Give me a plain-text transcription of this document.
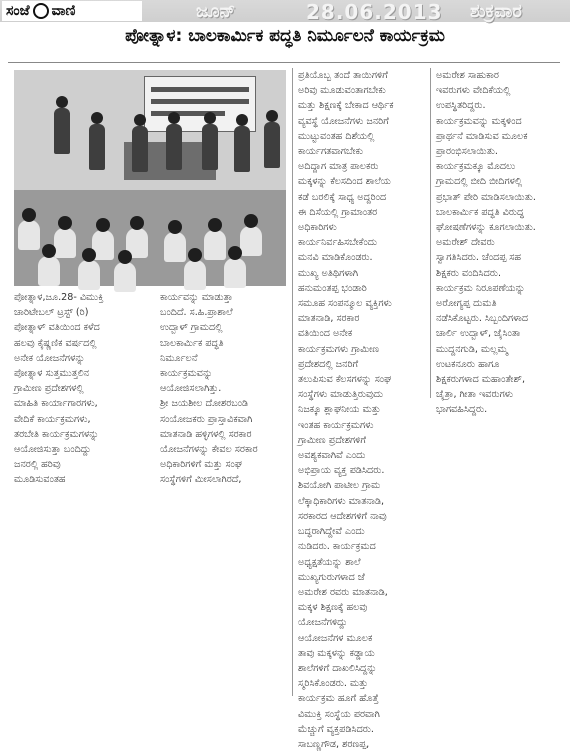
ಸಂಜೆ ವಾಣಿ	ಜೂನ್	28.06.2013 ಶುಕ್ರವಾರ
ಪೋತ್ನಾಳ: ಬಾಲಕಾರ್ಮಿಕ ಪದ್ಧತಿ ನಿರ್ಮೂಲನೆ ಕಾರ್ಯಕ್ರಮ
ಪೋತ್ನಾಳ,ಜೂ.28- ವಿಮುಕ್ತಿ
ಚಾರಿಟೇಬಲ್ ಟ್ರಸ್ಟ್ (ರಿ)
ಪೋತ್ನಾಳ್ ವತಿಯಿಂದ ಕಳೆದ
ಹಲವು ಕೈಷ್ಣಣಿಕ ವರ್ಷದಲ್ಲಿ
ಅನೇಕ ಯೋಜನೆಗಳನ್ನು
ಪೋತ್ನಾಳ ಸುತ್ತಮುತ್ತಲಿನ
ಗ್ರಾಮೀಣ ಪ್ರದೇಶಗಳಲ್ಲಿ
ಮಾಹಿತಿ ಕಾರ್ಯಾಗಾರಗಳು,
ವೇದಿಕೆ ಕಾರ್ಯಕ್ರಮಗಳು,
ತರಬೇತಿ ಕಾರ್ಯಕ್ರಮಗಳನ್ನು
ಆಯೋಜಿಸುತ್ತಾ ಬಂದಿದ್ದು
ಜನರಲ್ಲಿ ಹರಿವು
ಮೂಡಿಸುವಂತಹ
ಕಾರ್ಯವನ್ನು ಮಾಡುತ್ತಾ
ಬಂದಿದೆ. ಸ.ಹಿ.ಪ್ರಾಶಾಲೆ
ಉದ್ಬಾಳ್ ಗ್ರಾಮದಲ್ಲಿ
ಬಾಲಕಾರ್ಮಿಕ ಪದ್ಧತಿ
ನಿರ್ಮೂಲನೆ
ಕಾರ್ಯಕ್ರಮವನ್ನು
ಆಯೋಜಿಸಲಾಗಿತ್ತು.
ಶ್ರೀ ಜಯಶೀಲ ದೋಶರಬಂಡಿ
ಸಂಯೋಜಕರು ಪ್ರಾಸ್ತಾವಿಕವಾಗಿ
ಮಾತನಾಡಿ ಹಳ್ಳಿಗಳಲ್ಲಿ ಸರಕಾರ
ಯೋಜನೆಗಳನ್ನು ಕೇವಲ ಸರಕಾರ
ಅಧಿಕಾರಿಗಳಿಗೆ ಮತ್ತು ಸಂಘ
ಸಂಸ್ಥೆಗಳಿಗೆ ಮೀಸಲಾಗಿರದೆ,
ಪ್ರತಿಯೊಬ್ಬ ತಂದೆ ತಾಯಿಗಳಿಗೆ
ಅರಿವು ಮೂಡುವಂತಾಗಬೇಕು
ಮತ್ತು ಶಿಕ್ಷಣಕ್ಕೆ ಬೇಕಾದ ಆರ್ಥಿಕ
ವ್ಯವಸ್ಥೆ ಯೋಜನೆಗಳು ಜನರಿಗೆ
ಮುಟ್ಟುವಂತಹ ದಿಶೆಯಲ್ಲಿ
ಕಾರ್ಯಗತವಾಗಬೇಕು
ಅದಿದ್ದಾಗ ಮಾತ್ರ ಪಾಲಕರು
ಮಕ್ಕಳನ್ನು ಕೆಲಸದಿಂದ ಶಾಲೆಯ
ಕಡೆ ಬರಲಿಕ್ಕೆ ಸಾಧ್ಯ ಅದ್ದರಿಂದ
ಈ ದಿಸೆಯಲ್ಲಿ ಗ್ರಾಮಾಂತರ
ಅಧಿಕಾರಿಗಳು
ಕಾರ್ಯನಿರ್ವಹಿಸಬೇಕೆಂದು
ಮನವಿ ಮಾಡಿಕೊಂಡರು.
ಮುಖ್ಯ ಅತಿಥಿಗಳಾಗಿ
ಹನುಮಂತಪ್ಪ ಭಂಡಾರಿ
ಸಮೂಹ ಸಂಪನ್ಮೂಲ ವ್ಯಕ್ತಿಗಳು
ಮಾತನಾಡಿ, ಸರಕಾರ
ವತಿಯಿಂದ ಅನೇಕ
ಕಾರ್ಯಕ್ರಮಗಳು ಗ್ರಾಮೀಣ
ಪ್ರದೇಶದಲ್ಲಿ ಜನರಿಗೆ
ತಲುಪಿಸುವ ಕೆಲಸಗಳನ್ನು ಸಂಘ
ಸಂಸ್ಥೆಗಳು ಮಾಡುತ್ತಿರುವುದು
ನಿಜಕ್ಕೂ ಶ್ಲಾಘನೀಯ ಮತ್ತು
ಇಂತಹ ಕಾರ್ಯಕ್ರಮಗಳು
ಗ್ರಾಮೀಣ ಪ್ರದೇಶಗಳಿಗೆ
ಅವಶ್ಯಕವಾಗಿವೆ ಎಂದು
ಅಭಿಪ್ರಾಯ ವ್ಯಕ್ತ ಪಡಿಸಿದರು.
ಶಿವಯೋಗಿ ಪಾಟೀಲ ಗ್ರಾಮ
ಲೆಕ್ಕಾಧಿಕಾರಿಗಳು ಮಾತನಾಡಿ,
ಸರಕಾರದ ಆದೇಶಗಳಿಗೆ ನಾವು
ಬದ್ಧರಾಗಿದ್ದೇವೆ ಎಂದು
ನುಡಿದರು. ಕಾರ್ಯಕ್ರಮದ
ಅಧ್ಯಕ್ಷತೆಯನ್ನು ಶಾಲೆ
ಮುಖ್ಯಗುರುಗಳಾದ ಜೆ
ಅಮರೇಶ ರವರು ಮಾತನಾಡಿ,
ಮಕ್ಕಳ ಶಿಕ್ಷಣಕ್ಕೆ ಹಲವು
ಯೋಜನೆಗಳಿದ್ದು
ಆಯೋಜನೆಗಳ ಮೂಲಕ
ತಾವು ಮಕ್ಕಳನ್ನು ಕಡ್ಡಾಯ
ಶಾಲೆಗಳಿಗೆ ದಾಖಲಿಸಿದ್ದನ್ನು
ಸ್ಮರಿಸಿಕೊಂಡರು. ಮತ್ತು
ಕಾರ್ಯಕ್ರಮ ಹೂಗೆ ಹೊತ್ತೆ
ವಿಮುಕ್ತಿ ಸಂಸ್ಥೆಯ ಪರವಾಗಿ
ಮೆಚ್ಚುಗೆ ವ್ಯಕ್ತಪಡಿಸಿದರು.
ಸಾಬಣ್ಣಗೌಡ, ಶರಣಪ್ಪ,
ಅಮರೇಶ ಸಾಹುಕಾರ
ಇವರುಗಳು ವೇದಿಕೆಯಲ್ಲಿ
ಉಪಸ್ಥಿತರಿದ್ದರು.
ಕಾರ್ಯಕ್ರಮವನ್ನು ಮಕ್ಕಳಿಂದ
ಪ್ರಾರ್ಥನೆ ಮಾಡಿಸುವ ಮೂಲಕ
ಪ್ರಾರಂಭಿಸಲಾಯಿತು.
ಕಾರ್ಯಕ್ರಮಕ್ಕೂ ಮೊದಲು
ಗ್ರಾಮದಲ್ಲಿ ಬೀದಿ ಬೀದಿಗಳಲ್ಲಿ
ಪ್ರಭಾತ್ ಪೇರಿ ಮಾಡಿಸಲಾಯಿತು.
ಬಾಲಕಾರ್ಮಿಕ ಪದ್ಧತಿ ವಿರುದ್ಧ
ಘೋಷಣೆಗಳನ್ನು ಕೂಗಲಾಯಿತು.
ಅಮರೇಶ್ ದೇವರು
ಸ್ವಾಗತಿಸಿದರು. ಚೆಂದಪ್ಪ ಸಹ
ಶಿಕ್ಷಕರು ವಂದಿಸಿದರು.
ಕಾರ್ಯಕ್ರಮ ನಿರೂಪಣೆಯನ್ನು
ಅರೋಗ್ಯಪ್ಪ ದುಮತಿ
ನಡೆಸಿಕೊಟ್ಟರು. ಸಿಬ್ಬಂದಿಗಳಾದ
ಚಾರ್ಲಿ ಉದ್ಬಾಳ್, ಜೈಸಿಂತಾ
ಮುದ್ದನಗುಡಿ, ಮಲ್ಲಮ್ಮ
ಉಟಕನೂರು ಹಾಗೂ
ಶಿಕ್ಷಕರುಗಳಾದ ಮಹಾಂತೇಶ್,
ಚೈತ್ರಾ, ಗೀತಾ ಇವರುಗಳು
ಭಾಗವಹಿಸಿದ್ದರು.
